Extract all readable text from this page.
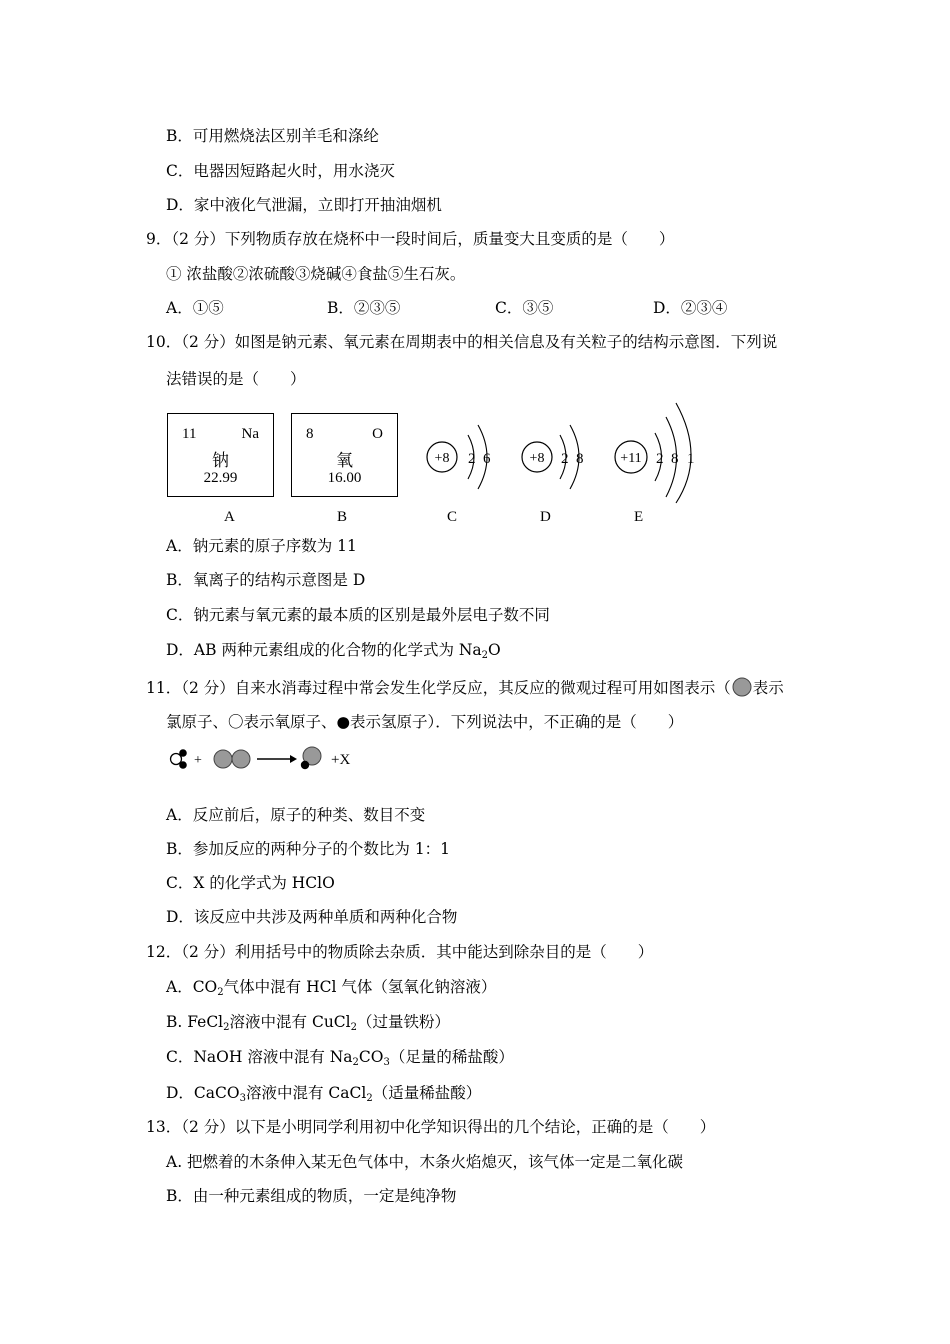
B．可用燃烧法区别羊毛和涤纶
C．电器因短路起火时，用水浇灭
D．家中液化气泄漏，立即打开抽油烟机
9．（2 分）下列物质存放在烧杯中一段时间后，质量变大且变质的是（　　）
① 浓盐酸②浓硫酸③烧碱④食盐⑤生石灰。
A．①⑤	B．②③⑤	C．③⑤	D．②③④
10．（2 分）如图是钠元素、氧元素在周期表中的相关信息及有关粒子的结构示意图．下列说
法错误的是（　　）
11	Na
钠
22.99
8	O
氧
16.00
+8 2 6	+8 2 8	+11 2 8 1
A	B	C	D	E
A．钠元素的原子序数为 11
B．氧离子的结构示意图是 D
C．钠元素与氧元素的最本质的区别是最外层电子数不同
D．AB 两种元素组成的化合物的化学式为 $Na_2O$
11．（2 分）自来水消毒过程中常会发生化学反应，其反应的微观过程可用如图表示（ 表示
氯原子、〇表示氧原子、●表示氢原子）．下列说法中，不正确的是（　　）
+	+X
A．反应前后，原子的种类、数目不变
B．参加反应的两种分子的个数比为 1：1
C．X 的化学式为 HClO
D．该反应中共涉及两种单质和两种化合物
12．（2 分）利用括号中的物质除去杂质．其中能达到除杂目的是（　　）
A．$CO_2$气体中混有 HCl 气体（氢氧化钠溶液）
B. FeCl$_2$溶液中混有 CuCl$_2$（过量铁粉）
C．NaOH 溶液中混有 $Na_2CO_3$（足量的稀盐酸）
D．CaCO$_3$溶液中混有 CaCl$_2$（适量稀盐酸）
13．（2 分）以下是小明同学利用初中化学知识得出的几个结论，正确的是（　　）
A. 把燃着的木条伸入某无色气体中，木条火焰熄灭，该气体一定是二氧化碳
B．由一种元素组成的物质，一定是纯净物
